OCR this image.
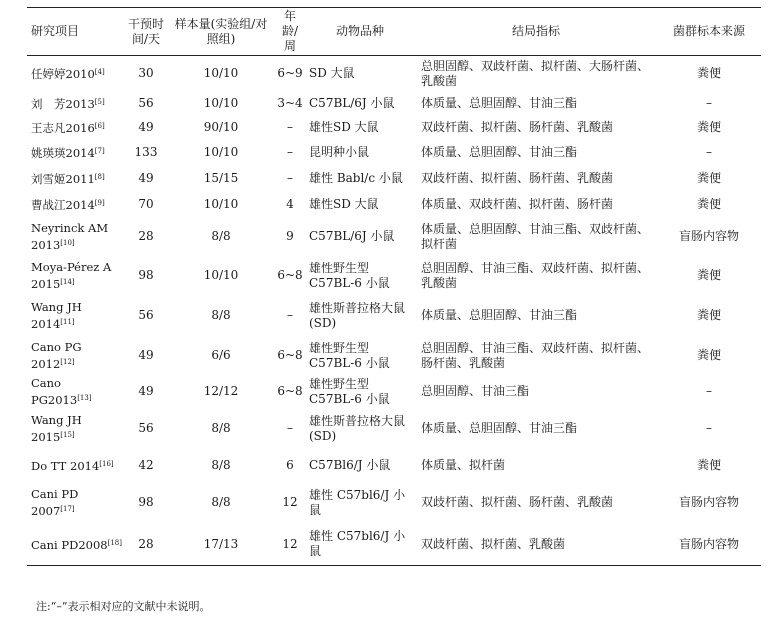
研究项目	干预时间/天	样本量(实验组/对照组)	年龄/周	动物品种	结局指标	菌群标本来源
任婷婷2010[4]	30	10/10	6~9	SD 大鼠	总胆固醇、双歧杆菌、拟杆菌、大肠杆菌、乳酸菌	粪便
刘　芳2013[5]	56	10/10	3~4	C57BL/6J 小鼠	体质量、总胆固醇、甘油三酯	–
王志凡2016[6]	49	90/10	–	雄性SD 大鼠	双歧杆菌、拟杆菌、肠杆菌、乳酸菌	粪便
姚瑛瑛2014[7]	133	10/10	–	昆明种小鼠	体质量、总胆固醇、甘油三酯	–
刘雪姬2011[8]	49	15/15	–	雄性 Babl/c 小鼠	双歧杆菌、拟杆菌、肠杆菌、乳酸菌	粪便
曹战江2014[9]	70	10/10	4	雄性SD 大鼠	体质量、双歧杆菌、拟杆菌、肠杆菌	粪便
Neyrinck AM 2013[10]	28	8/8	9	C57BL/6J 小鼠	体质量、总胆固醇、甘油三酯、双歧杆菌、拟杆菌	盲肠内容物
Moya-Pérez A 2015[14]	98	10/10	6~8	雄性野生型 C57BL-6 小鼠	总胆固醇、甘油三酯、双歧杆菌、拟杆菌、乳酸菌	粪便
Wang JH 2014[11]	56	8/8	–	雄性斯普拉格大鼠(SD)	体质量、总胆固醇、甘油三酯	粪便
Cano PG 2012[12]	49	6/6	6~8	雄性野生型 C57BL-6 小鼠	总胆固醇、甘油三酯、双歧杆菌、拟杆菌、肠杆菌、乳酸菌	粪便
Cano PG2013[13]	49	12/12	6~8	雄性野生型 C57BL-6 小鼠	总胆固醇、甘油三酯	–
Wang JH 2015[15]	56	8/8	–	雄性斯普拉格大鼠(SD)	体质量、总胆固醇、甘油三酯	–
Do TT 2014[16]	42	8/8	6	C57Bl6/J 小鼠	体质量、拟杆菌	粪便
Cani PD 2007[17]	98	8/8	12	雄性 C57bl6/J 小鼠	双歧杆菌、拟杆菌、肠杆菌、乳酸菌	盲肠内容物
Cani PD2008[18]	28	17/13	12	雄性 C57bl6/J 小鼠	双歧杆菌、拟杆菌、乳酸菌	盲肠内容物
注:“–”表示相对应的文献中未说明。
